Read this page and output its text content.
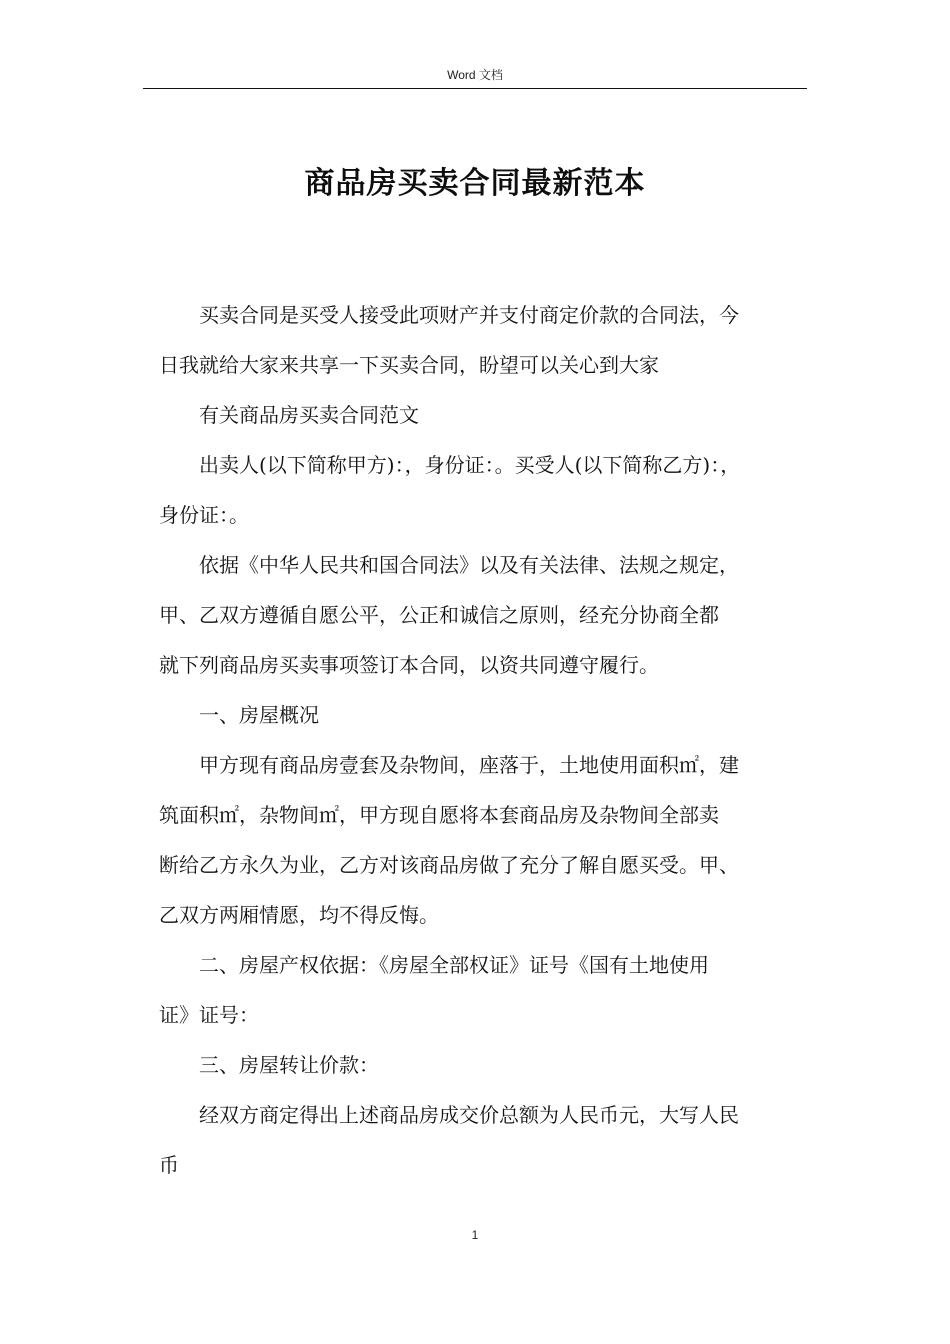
Word 文档
商品房买卖合同最新范本

买卖合同是买受人接受此项财产并支付商定价款的合同法，今
日我就给大家来共享一下买卖合同，盼望可以关心到大家

有关商品房买卖合同范文

出卖人(以下简称甲方)：，身份证：。买受人(以下简称乙方)：，
身份证：。

依据《中华人民共和国合同法》以及有关法律、法规之规定，
甲、乙双方遵循自愿公平，公正和诚信之原则，经充分协商全都
就下列商品房买卖事项签订本合同，以资共同遵守履行。

一、房屋概况

甲方现有商品房壹套及杂物间，座落于，土地使用面积㎡，建
筑面积㎡，杂物间㎡，甲方现自愿将本套商品房及杂物间全部卖
断给乙方永久为业，乙方对该商品房做了充分了解自愿买受。甲、
乙双方两厢情愿，均不得反悔。

二、房屋产权依据：《房屋全部权证》证号《国有土地使用
证》证号：

三、房屋转让价款：

经双方商定得出上述商品房成交价总额为人民币元，大写人民
币

1
